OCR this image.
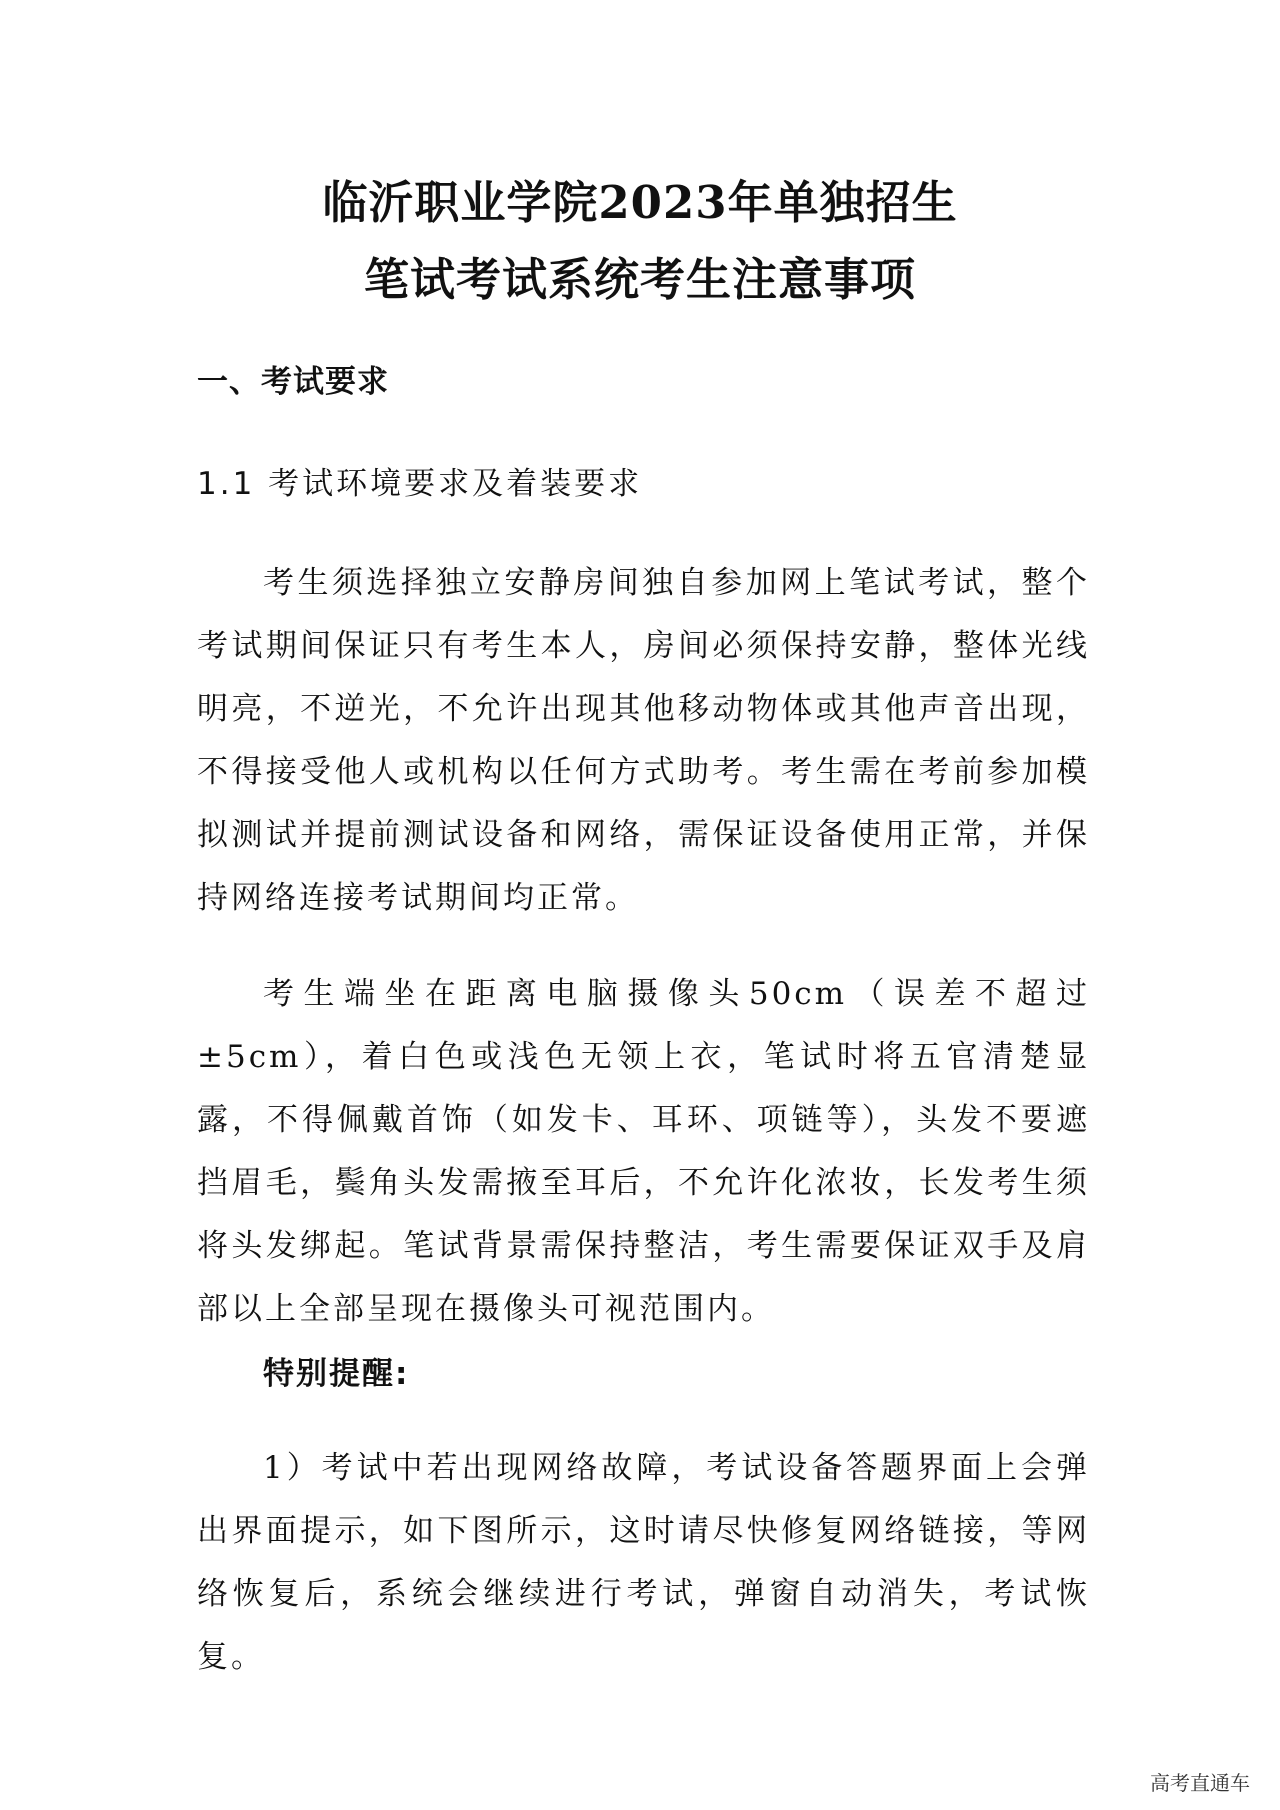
临沂职业学院2023年单独招生
笔试考试系统考生注意事项
一、考试要求
1.1 考试环境要求及着装要求

考生须选择独立安静房间独自参加网上笔试考试，整个考试期间保证只有考生本人，房间必须保持安静，整体光线明亮，不逆光，不允许出现其他移动物体或其他声音出现，不得接受他人或机构以任何方式助考。考生需在考前参加模拟测试并提前测试设备和网络，需保证设备使用正常，并保持网络连接考试期间均正常。

考生端坐在距离电脑摄像头50cm（误差不超过±5cm），着白色或浅色无领上衣，笔试时将五官清楚显露，不得佩戴首饰（如发卡、耳环、项链等），头发不要遮挡眉毛，鬓角头发需掖至耳后，不允许化浓妆，长发考生须将头发绑起。笔试背景需保持整洁，考生需要保证双手及肩部以上全部呈现在摄像头可视范围内。

特别提醒:

1）考试中若出现网络故障，考试设备答题界面上会弹出界面提示，如下图所示，这时请尽快修复网络链接，等网络恢复后，系统会继续进行考试，弹窗自动消失，考试恢复。

高考直通车
